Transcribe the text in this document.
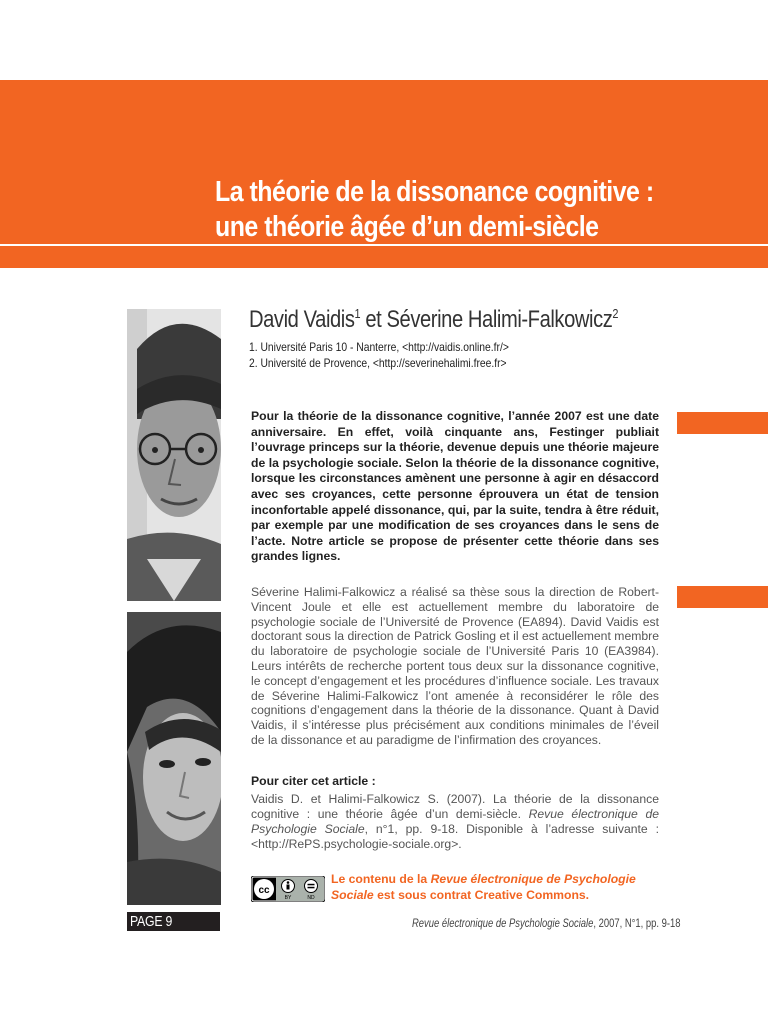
La théorie de la dissonance cognitive :
une théorie âgée d’un demi-siècle
David Vaidis$^1$ et Séverine Halimi-Falkowicz$^2$
1. Université Paris 10 - Nanterre, <http://vaidis.online.fr/>
2. Université de Provence, <http://severinehalimi.free.fr>
Pour la théorie de la dissonance cognitive, l’année 2007 est une date anniversaire. En effet, voilà cinquante ans, Festinger publiait l’ouvrage princeps sur la théorie, devenue depuis une théorie majeure de la psychologie sociale. Selon la théorie de la dissonance cognitive, lorsque les circonstances amènent une personne à agir en désaccord avec ses croyances, cette personne éprouvera un état de tension inconfortable appelé dissonance, qui, par la suite, tendra à être réduit, par exemple par une modification de ses croyances dans le sens de l’acte. Notre article se propose de présenter cette théorie dans ses grandes lignes.
Séverine Halimi-Falkowicz a réalisé sa thèse sous la direction de Robert-Vincent Joule et elle est actuellement membre du laboratoire de psychologie sociale de l’Université de Provence (EA894). David Vaidis est doctorant sous la direction de Patrick Gosling et il est actuellement membre du laboratoire de psychologie sociale de l’Université Paris 10 (EA3984). Leurs intérêts de recherche portent tous deux sur la dissonance cognitive, le concept d’engagement et les procédures d’influence sociale. Les travaux de Séverine Halimi-Falkowicz l’ont amenée à reconsidérer le rôle des cognitions d’engagement dans la théorie de la dissonance. Quant à David Vaidis, il s’intéresse plus précisément aux conditions minimales de l’éveil de la dissonance et au paradigme de l’infirmation des croyances.
Pour citer cet article :
Vaidis D. et Halimi-Falkowicz S. (2007). La théorie de la dissonance cognitive : une théorie âgée d’un demi-siècle. Revue électronique de Psychologie Sociale, n°1, pp. 9-18. Disponible à l’adresse suivante : <http://RePS.psychologie-sociale.org>.
cc
BY	ND
Le contenu de la Revue électronique de Psychologie Sociale est sous contrat Creative Commons.
PAGE 9	Revue électronique de Psychologie Sociale, 2007, N°1, pp. 9-18
